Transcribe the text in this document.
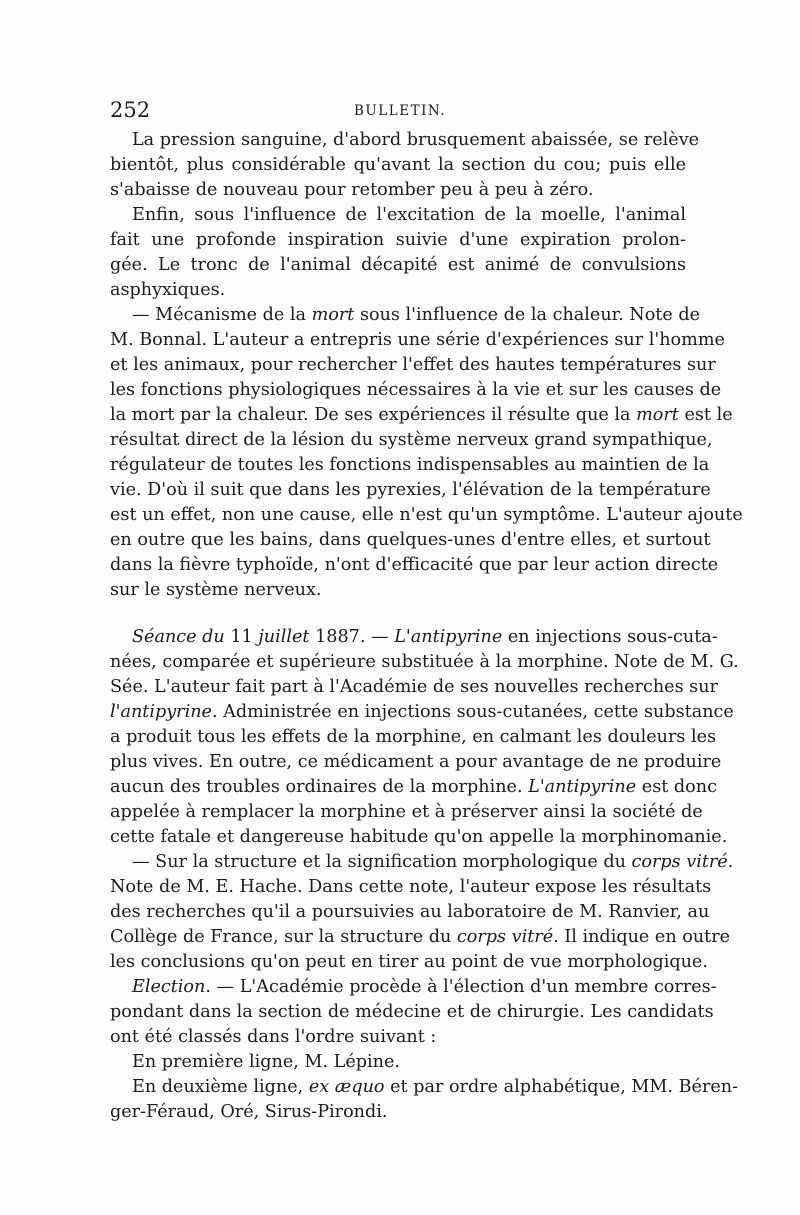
252	BULLETIN.
La pression sanguine, d'abord brusquement abaissée, se relève
bientôt, plus considérable qu'avant la section du cou; puis elle
s'abaisse de nouveau pour retomber peu à peu à zéro.
Enfin, sous l'influence de l'excitation de la moelle, l'animal
fait une profonde inspiration suivie d'une expiration prolon-
gée. Le tronc de l'animal décapité est animé de convulsions
asphyxiques.
— Mécanisme de la mort sous l'influence de la chaleur. Note de
M. Bonnal. L'auteur a entrepris une série d'expériences sur l'homme
et les animaux, pour rechercher l'effet des hautes températures sur
les fonctions physiologiques nécessaires à la vie et sur les causes de
la mort par la chaleur. De ses expériences il résulte que la mort est le
résultat direct de la lésion du système nerveux grand sympathique,
régulateur de toutes les fonctions indispensables au maintien de la
vie. D'où il suit que dans les pyrexies, l'élévation de la température
est un effet, non une cause, elle n'est qu'un symptôme. L'auteur ajoute
en outre que les bains, dans quelques-unes d'entre elles, et surtout
dans la fièvre typhoïde, n'ont d'efficacité que par leur action directe
sur le système nerveux.
Séance du 11 juillet 1887. — L'antipyrine en injections sous-cuta-
nées, comparée et supérieure substituée à la morphine. Note de M. G.
Sée. L'auteur fait part à l'Académie de ses nouvelles recherches sur
l'antipyrine. Administrée en injections sous-cutanées, cette substance
a produit tous les effets de la morphine, en calmant les douleurs les
plus vives. En outre, ce médicament a pour avantage de ne produire
aucun des troubles ordinaires de la morphine. L'antipyrine est donc
appelée à remplacer la morphine et à préserver ainsi la société de
cette fatale et dangereuse habitude qu'on appelle la morphinomanie.
— Sur la structure et la signification morphologique du corps vitré.
Note de M. E. Hache. Dans cette note, l'auteur expose les résultats
des recherches qu'il a poursuivies au laboratoire de M. Ranvier, au
Collège de France, sur la structure du corps vitré. Il indique en outre
les conclusions qu'on peut en tirer au point de vue morphologique.
Election. — L'Académie procède à l'élection d'un membre corres-
pondant dans la section de médecine et de chirurgie. Les candidats
ont été classés dans l'ordre suivant :
En première ligne, M. Lépine.
En deuxième ligne, ex æquo et par ordre alphabétique, MM. Béren-
ger-Féraud, Oré, Sirus-Pirondi.
